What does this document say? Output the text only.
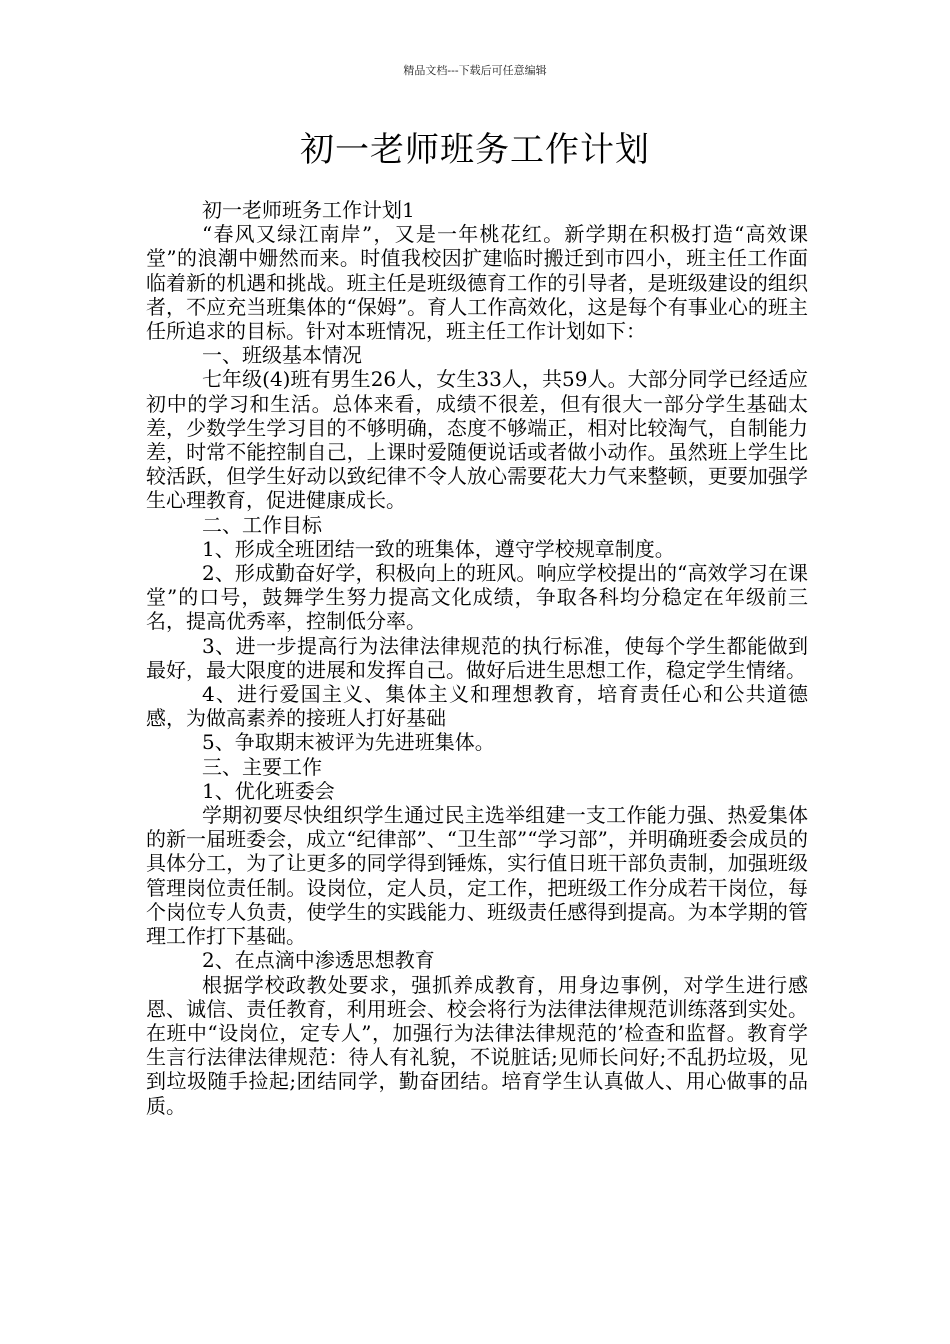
精品文档---下载后可任意编辑
初一老师班务工作计划

初一老师班务工作计划1

“春风又绿江南岸”，又是一年桃花红。新学期在积极打造“高效课堂”的浪潮中姗然而来。时值我校因扩建临时搬迁到市四小，班主任工作面临着新的机遇和挑战。班主任是班级德育工作的引导者，是班级建设的组织者，不应充当班集体的“保姆”。育人工作高效化，这是每个有事业心的班主任所追求的目标。针对本班情况，班主任工作计划如下：

一、班级基本情况

七年级(4)班有男生26人，女生33人，共59人。大部分同学已经适应初中的学习和生活。总体来看，成绩不很差，但有很大一部分学生基础太差，少数学生学习目的不够明确，态度不够端正，相对比较淘气，自制能力差，时常不能控制自己，上课时爱随便说话或者做小动作。虽然班上学生比较活跃，但学生好动以致纪律不令人放心需要花大力气来整顿，更要加强学生心理教育，促进健康成长。

二、工作目标

1、形成全班团结一致的班集体，遵守学校规章制度。

2、形成勤奋好学，积极向上的班风。响应学校提出的“高效学习在课堂”的口号，鼓舞学生努力提高文化成绩，争取各科均分稳定在年级前三名，提高优秀率，控制低分率。

3、进一步提高行为法律法律规范的执行标准，使每个学生都能做到最好，最大限度的进展和发挥自己。做好后进生思想工作，稳定学生情绪。

4、进行爱国主义、集体主义和理想教育，培育责任心和公共道德感，为做高素养的接班人打好基础

5、争取期末被评为先进班集体。

三、主要工作

1、优化班委会

学期初要尽快组织学生通过民主选举组建一支工作能力强、热爱集体的新一届班委会，成立“纪律部”、“卫生部”“学习部”，并明确班委会成员的具体分工，为了让更多的同学得到锤炼，实行值日班干部负责制，加强班级管理岗位责任制。设岗位，定人员，定工作，把班级工作分成若干岗位，每个岗位专人负责，使学生的实践能力、班级责任感得到提高。为本学期的管理工作打下基础。

2、在点滴中渗透思想教育

根据学校政教处要求，强抓养成教育，用身边事例，对学生进行感恩、诚信、责任教育，利用班会、校会将行为法律法律规范训练落到实处。在班中“设岗位，定专人”，加强行为法律法律规范的’检查和监督。教育学生言行法律法律规范：待人有礼貌，不说脏话;见师长问好;不乱扔垃圾，见到垃圾随手捡起;团结同学，勤奋团结。培育学生认真做人、用心做事的品质。
